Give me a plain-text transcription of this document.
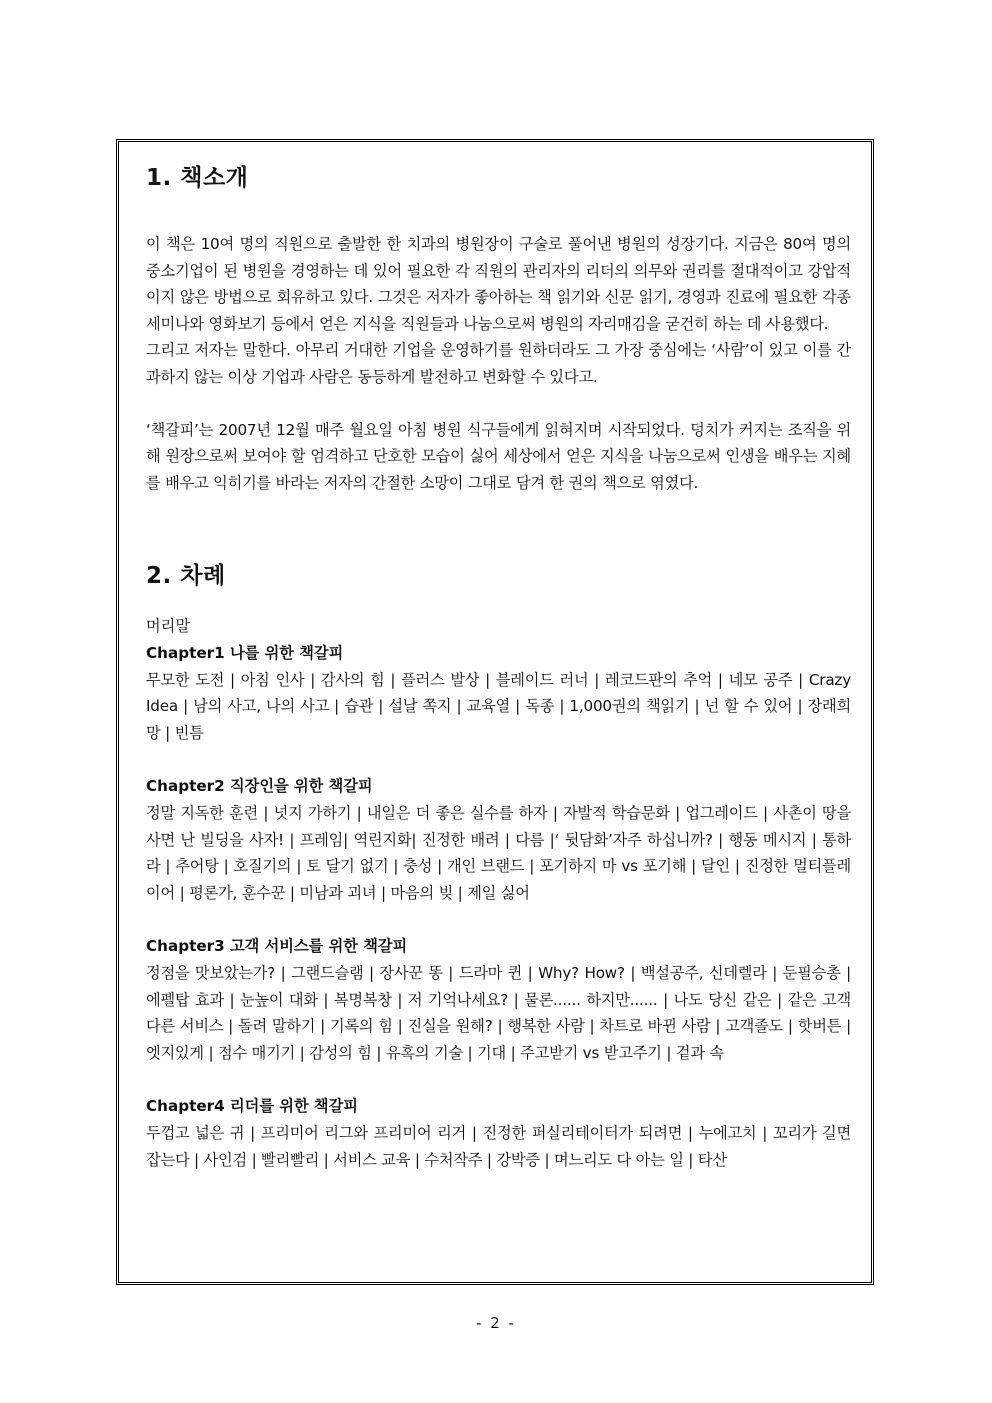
1. 책소개

이 책은 10여 명의 직원으로 출발한 한 치과의 병원장이 구술로 풀어낸 병원의 성장기다. 지금은 80여 명의 중소기업이 된 병원을 경영하는 데 있어 필요한 각 직원의 관리자의 리더의 의무와 권리를 절대적이고 강압적이지 않은 방법으로 회유하고 있다. 그것은 저자가 좋아하는 책 읽기와 신문 읽기, 경영과 진료에 필요한 각종 세미나와 영화보기 등에서 얻은 지식을 직원들과 나눔으로써 병원의 자리매김을 굳건히 하는 데 사용했다.

그리고 저자는 말한다. 아무리 거대한 기업을 운영하기를 원하더라도 그 가장 중심에는 ‘사람’이 있고 이를 간과하지 않는 이상 기업과 사람은 동등하게 발전하고 변화할 수 있다고.

‘책갈피’는 2007년 12월 매주 월요일 아침 병원 식구들에게 읽혀지며 시작되었다. 덩치가 커지는 조직을 위해 원장으로써 보여야 할 엄격하고 단호한 모습이 싫어 세상에서 얻은 지식을 나눔으로써 인생을 배우는 지혜를 배우고 익히기를 바라는 저자의 간절한 소망이 그대로 담겨 한 권의 책으로 엮였다.

2. 차례

머리말

Chapter1 나를 위한 책갈피

무모한 도전 | 아침 인사 | 감사의 힘 | 플러스 발상 | 블레이드 러너 | 레코드판의 추억 | 네모 공주 | Crazy Idea | 남의 사고, 나의 사고 | 습관 | 설날 쪽지 | 교육열 | 독종 | 1,000권의 책읽기 | 넌 할 수 있어 | 장래희망 | 빈틈

Chapter2 직장인을 위한 책갈피

정말 지독한 훈련 | 넛지 가하기 | 내일은 더 좋은 실수를 하자 | 자발적 학습문화 | 업그레이드 | 사촌이 땅을 사면 난 빌딩을 사자! | 프레임| 역린지화| 진정한 배려 | 다름 |‘ 뒷담화’자주 하십니까? | 행동 메시지 | 통하라 | 추어탕 | 호질기의 | 토 달기 없기 | 충성 | 개인 브랜드 | 포기하지 마 vs 포기해 | 달인 | 진정한 멀티플레이어 | 평론가, 훈수꾼 | 미남과 괴녀 | 마음의 빚 | 제일 싫어

Chapter3 고객 서비스를 위한 책갈피

정점을 맛보았는가? | 그랜드슬램 | 장사꾼 똥 | 드라마 퀸 | Why? How? | 백설공주, 신데렐라 | 둔필승총 | 에펠탑 효과 | 눈높이 대화 | 복명복창 | 저 기억나세요? | 물론...... 하지만...... | 나도 당신 같은 | 같은 고객 다른 서비스 | 돌려 말하기 | 기록의 힘 | 진실을 원해? | 행복한 사람 | 차트로 바뀐 사람 | 고객졸도 | 핫버튼 | 엣지있게 | 점수 매기기 | 감성의 힘 | 유혹의 기술 | 기대 | 주고받기 vs 받고주기 | 겉과 속

Chapter4 리더를 위한 책갈피

두껍고 넓은 귀 | 프리미어 리그와 프리미어 리거 | 진정한 퍼실리테이터가 되려면 | 누에고치 | 꼬리가 길면 잡는다 | 사인검 | 빨리빨리 | 서비스 교육 | 수처작주 | 강박증 | 며느리도 다 아는 일 | 타산

- 2 -
